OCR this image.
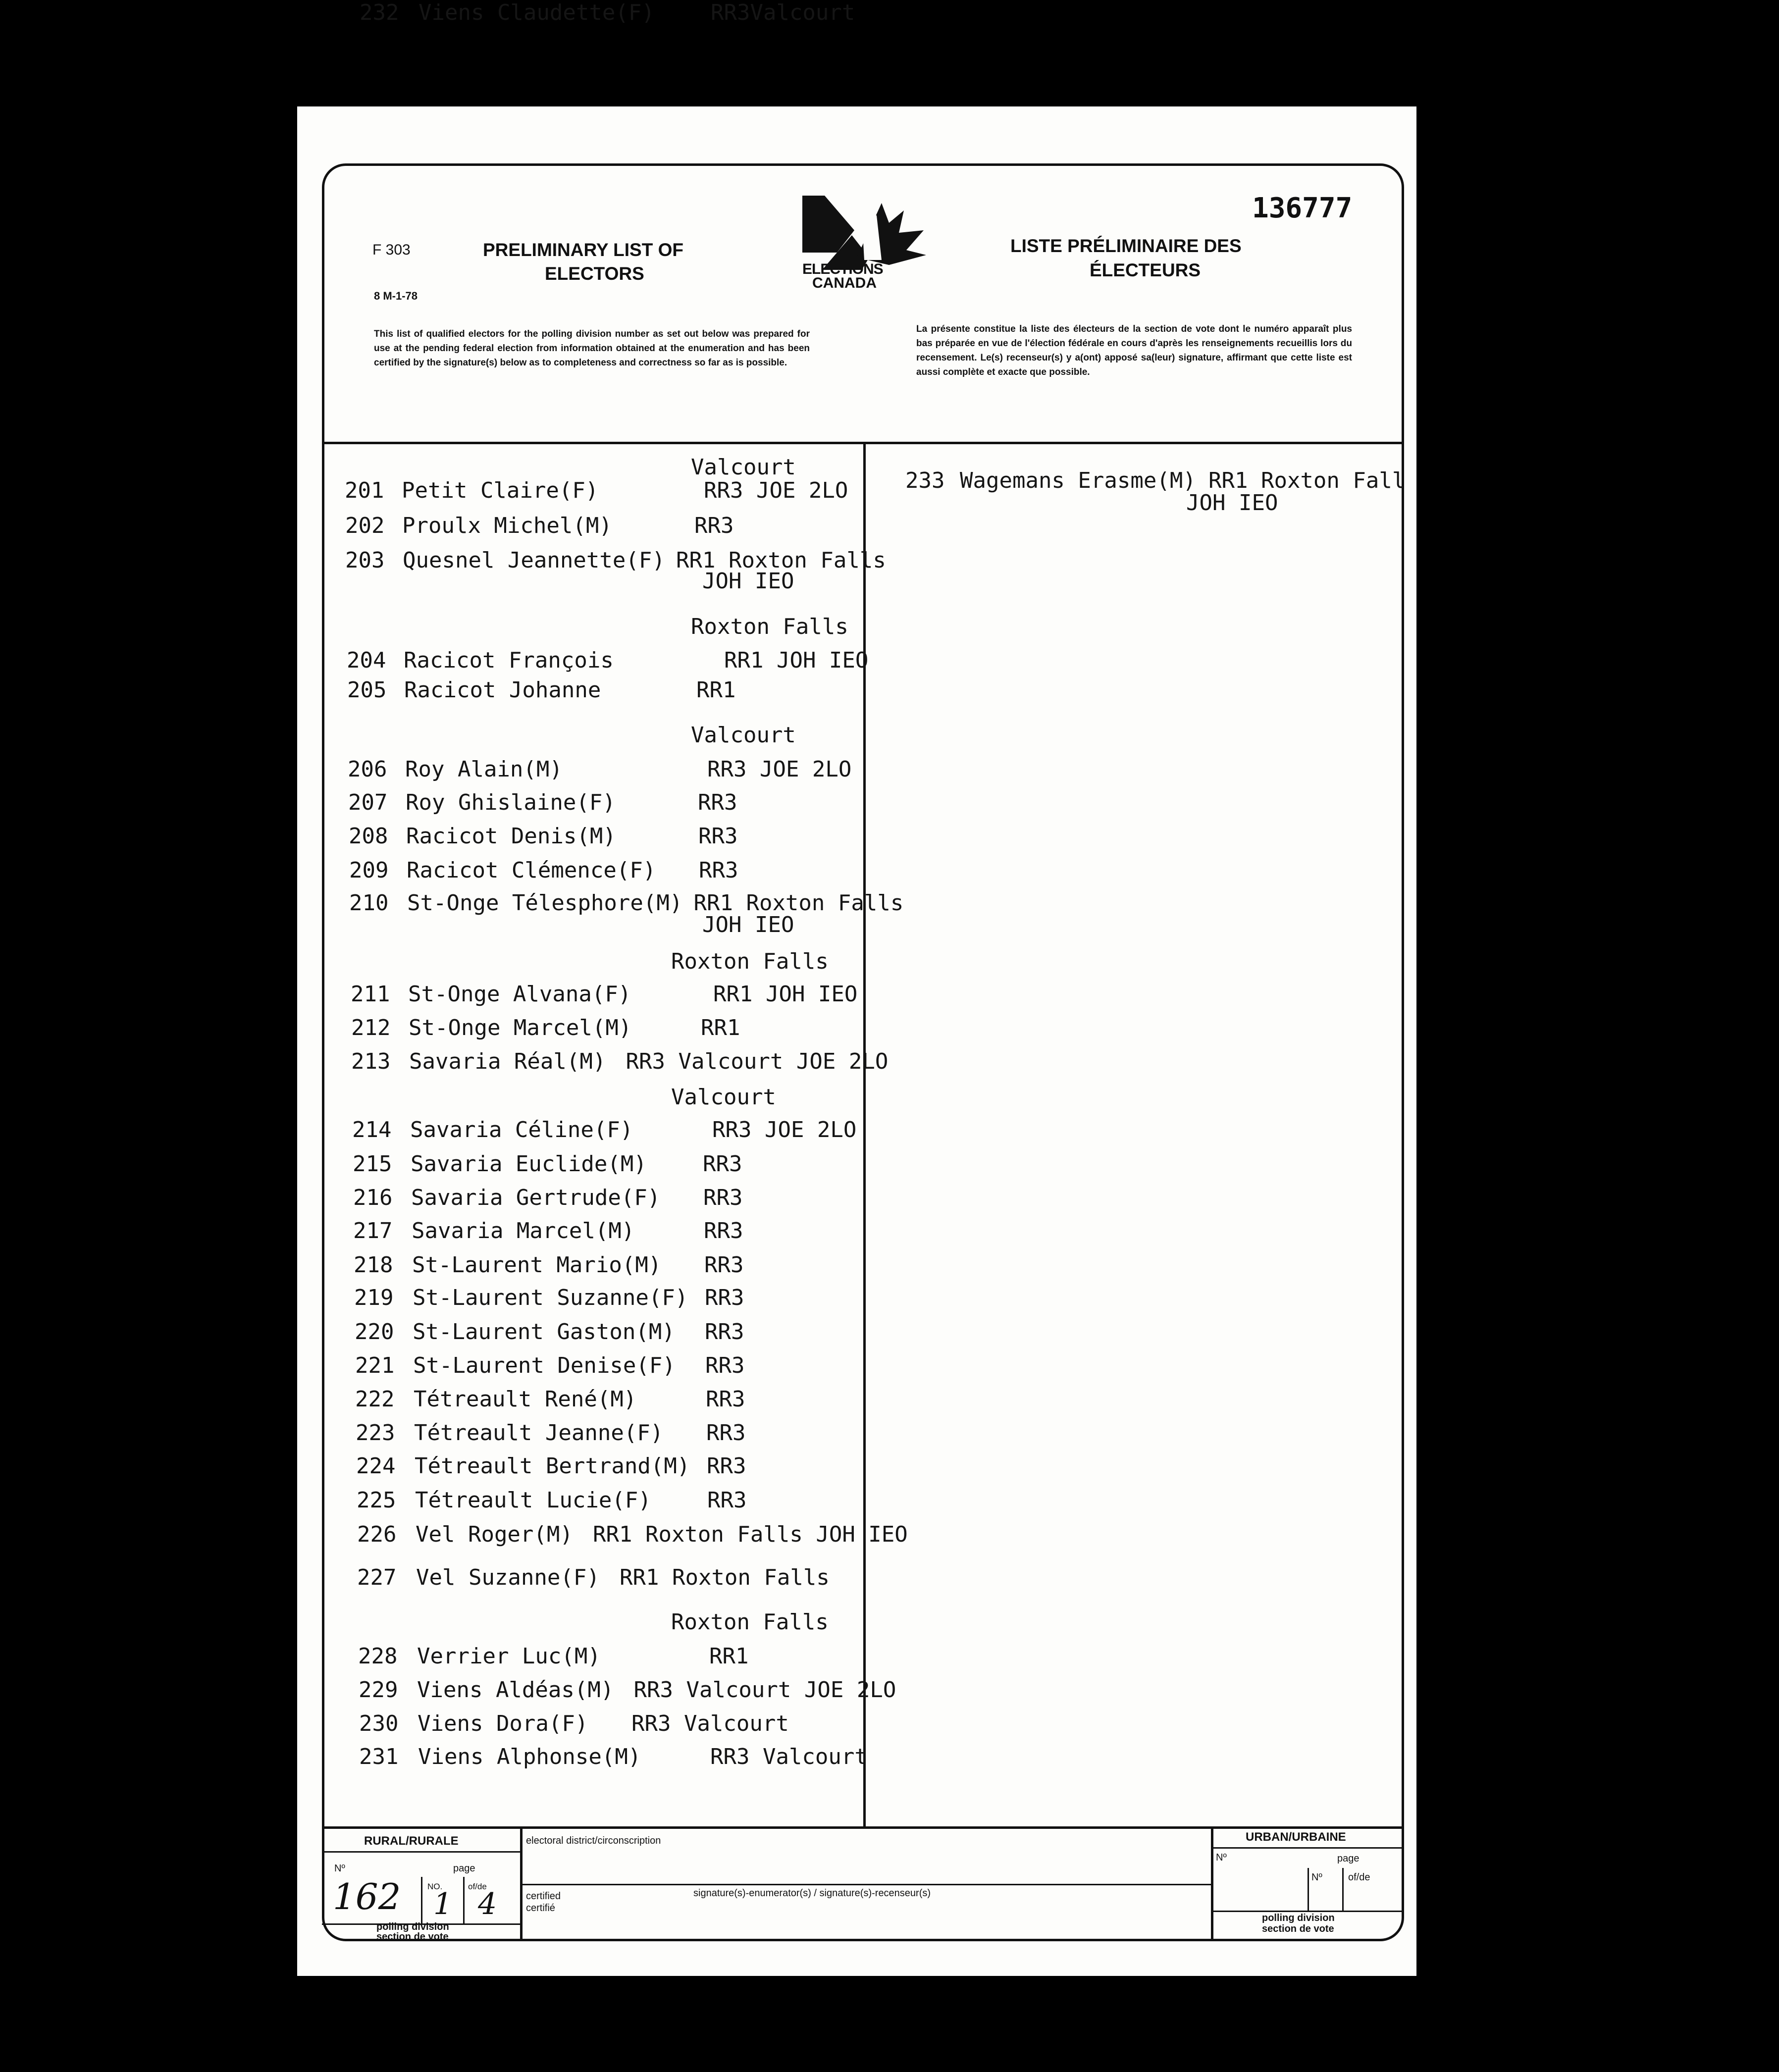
F 303
8 M-1-78
PRELIMINARY LIST OF
ELECTORS	ELECTIONS
CANADA
136777
LISTE PRÉLIMINAIRE DES
ÉLECTEURS
This list of qualified electors for the polling division number as set out below was prepared for use at the pending federal election from information obtained at the enumeration and has been certified by the signature(s) below as to completeness and correctness so far as is possible.
La présente constitue la liste des électeurs de la section de vote dont le numéro apparaît plus bas préparée en vue de l'élection fédérale en cours d'après les renseignements recueillis lors du recensement. Le(s) recenseur(s) y a(ont) apposé sa(leur) signature, affirmant que cette liste est aussi complète et exacte que possible.
Valcourt
201 Petit Claire(F)	RR3 JOE 2LO
202 Proulx Michel(M)	RR3
203 Quesnel Jeannette(F) RR1 Roxton Falls
JOH IEO
Roxton Falls
204 Racicot François	RR1 JOH IEO
205 Racicot Johanne	RR1
Valcourt
206 Roy Alain(M)	RR3 JOE 2LO
207 Roy Ghislaine(F)	RR3
208 Racicot Denis(M)	RR3
209 Racicot Clémence(F) RR3
210 St-Onge Télesphore(M) RR1 Roxton Falls
JOH IEO
Roxton Falls
211 St-Onge Alvana(F)	RR1 JOH IEO
212 St-Onge Marcel(M)	RR1
213 Savaria Réal(M) RR3 Valcourt JOE 2LO
Valcourt
214 Savaria Céline(F)	RR3 JOE 2LO
215 Savaria Euclide(M)	RR3
216 Savaria Gertrude(F) RR3
217 Savaria Marcel(M)	RR3
218 St-Laurent Mario(M) RR3
219 St-Laurent Suzanne(F) RR3
220 St-Laurent Gaston(M) RR3
221 St-Laurent Denise(F) RR3
222 Tétreault René(M)	RR3
223 Tétreault Jeanne(F) RR3
224 Tétreault Bertrand(M) RR3
225 Tétreault Lucie(F)	RR3
226 Vel Roger(M) RR1 Roxton Falls JOH IEO
227 Vel Suzanne(F) RR1 Roxton Falls
Roxton Falls
228 Verrier Luc(M)	RR1
229 Viens Aldéas(M) RR3 Valcourt JOE 2LO
230 Viens Dora(F) RR3 Valcourt
231 Viens Alphonse(M)	RR3 Valcourt
232 Viens Claudette(F)	RR3Valcourt
233 Wagemans Erasme(M) RR1 Roxton Fall
JOH IEO
RURAL/RURALE
Nº	page
NO.	of/de
162 1 4
polling division
section de vote
electoral district/circonscription
certified
certifié
signature(s)-enumerator(s) / signature(s)-recenseur(s)
URBAN/URBAINE
Nº	page
Nº	of/de
polling division
section de vote
